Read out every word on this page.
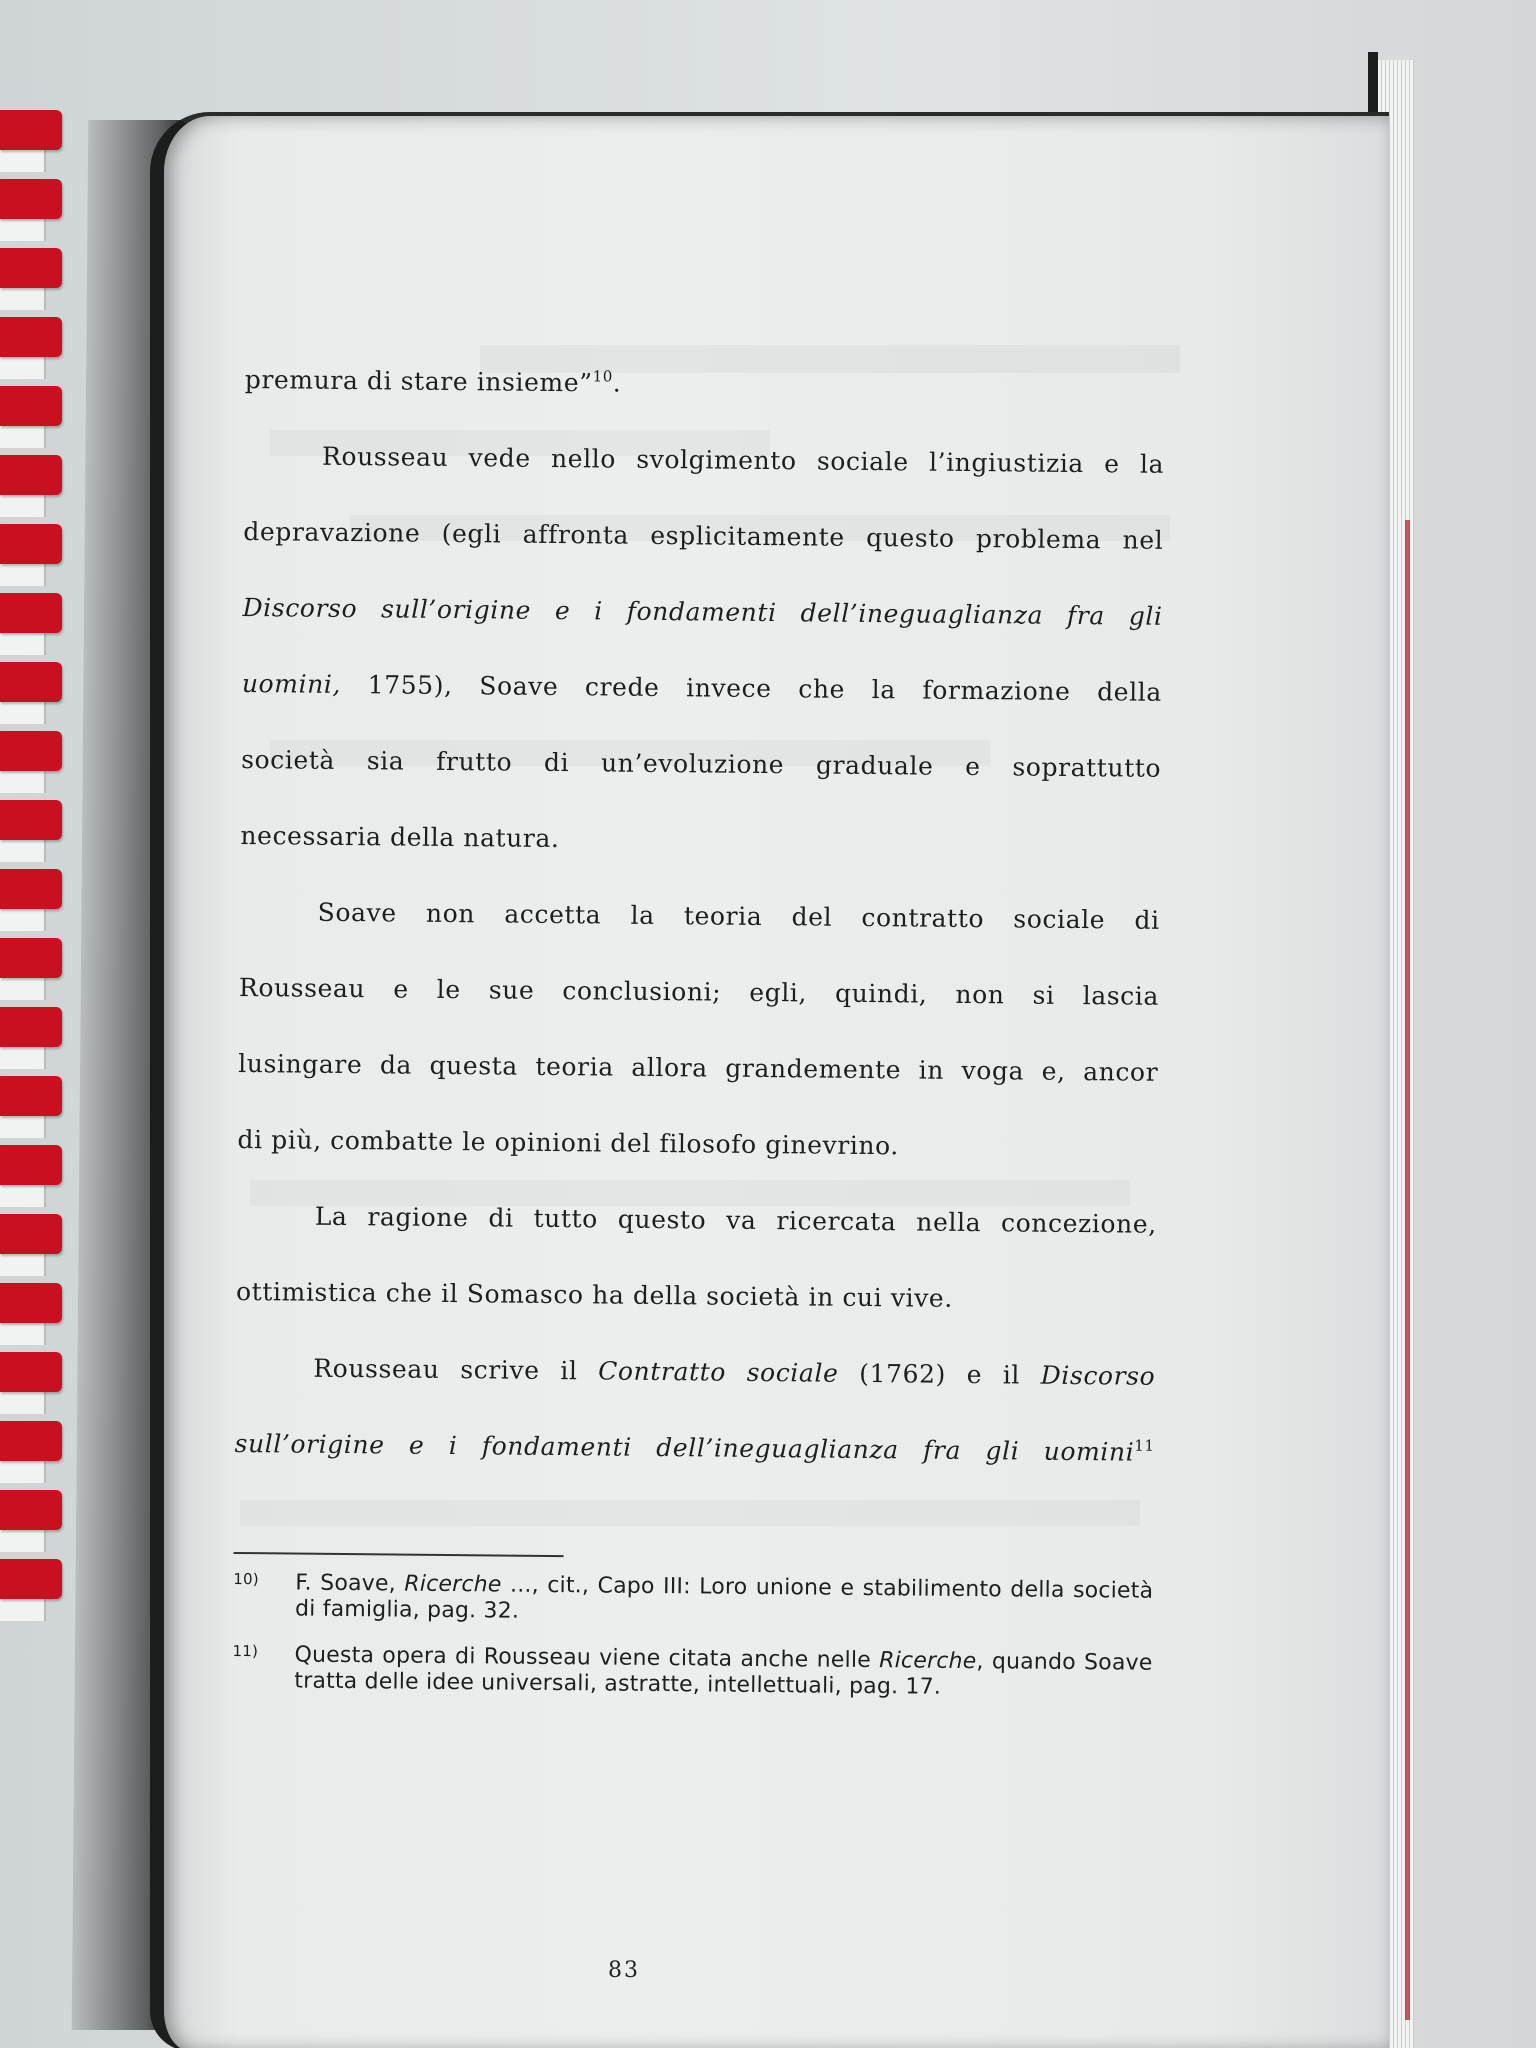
premura di stare insieme”$^{10}$.
Rousseau vede nello svolgimento sociale l’ingiustizia e la
depravazione (egli affronta esplicitamente questo problema nel
Discorso sull’origine e i fondamenti dell’ineguaglianza fra gli
uomini, 1755), Soave crede invece che la formazione della
società sia frutto di un’evoluzione graduale e soprattutto
necessaria della natura.
Soave non accetta la teoria del contratto sociale di
Rousseau e le sue conclusioni; egli, quindi, non si lascia
lusingare da questa teoria allora grandemente in voga e, ancor
di più, combatte le opinioni del filosofo ginevrino.
La ragione di tutto questo va ricercata nella concezione,
ottimistica che il Somasco ha della società in cui vive.
Rousseau scrive il Contratto sociale (1762) e il Discorso
sull’origine e i fondamenti dell’ineguaglianza fra gli uomini$^{11}$
10) F. Soave, Ricerche ..., cit., Capo III: Loro unione e stabilimento della società di famiglia, pag. 32.
11) Questa opera di Rousseau viene citata anche nelle Ricerche, quando Soave tratta delle idee universali, astratte, intellettuali, pag. 17.
83
